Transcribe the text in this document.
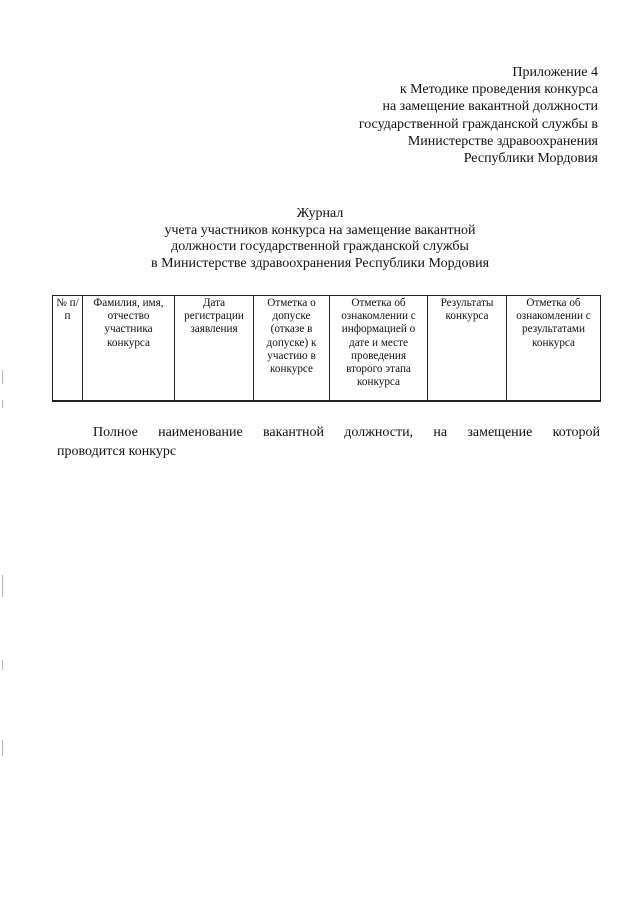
Приложение 4
к Методике проведения конкурса
на замещение вакантной должности
государственной гражданской службы в
Министерстве здравоохранения
Республики Мордовия
Журнал
учета участников конкурса на замещение вакантной
должности государственной гражданской службы
в Министерстве здравоохранения Республики Мордовия
№ п/п	Фамилия, имя, отчество участника конкурса	Дата регистрации заявления	Отметка о допуске (отказе в допуске) к участию в конкурсе	Отметка об ознакомлении с информацией о дате и месте проведения второго этапа конкурса	Результаты конкурса	Отметка об ознакомлении с результатами конкурса

Полное наименование вакантной должности, на замещение которой
проводится конкурс
